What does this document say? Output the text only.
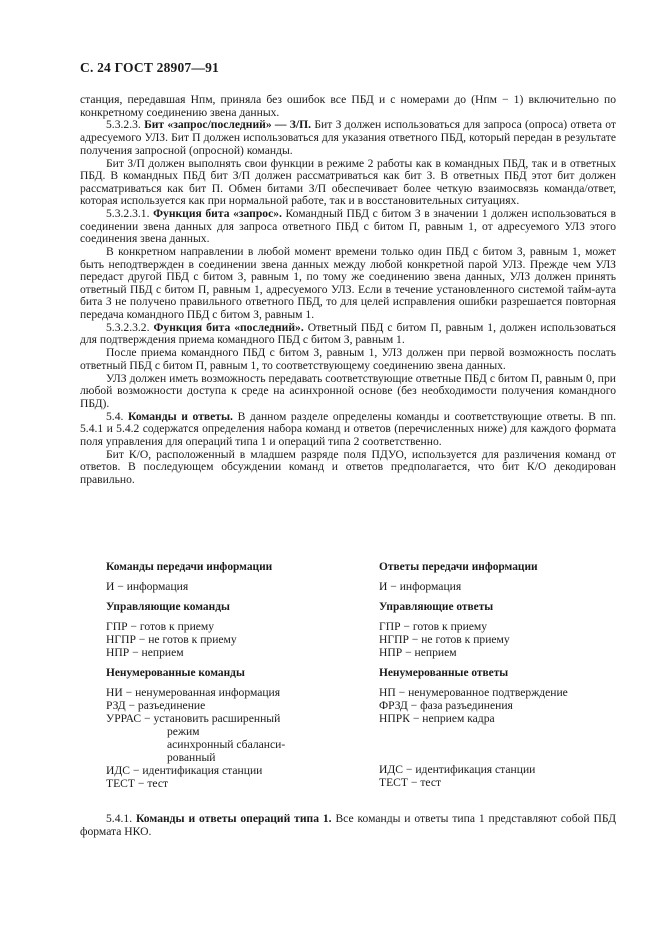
С. 24 ГОСТ 28907—91

станция, передавшая Нпм, приняла без ошибок все ПБД и с номерами до (Нпм − 1) включительно по конкретному соединению звена данных.

5.3.2.3. Бит «запрос/последний» — З/П. Бит З должен использоваться для запроса (опроса) ответа от адресуемого УЛЗ. Бит П должен использоваться для указания ответного ПБД, который передан в результате получения запросной (опросной) команды.

Бит З/П должен выполнять свои функции в режиме 2 работы как в командных ПБД, так и в ответных ПБД. В командных ПБД бит З/П должен рассматриваться как бит З. В ответных ПБД этот бит должен рассматриваться как бит П. Обмен битами З/П обеспечивает более четкую взаимосвязь команда/ответ, которая используется как при нормальной работе, так и в восстановительных ситуациях.

5.3.2.3.1. Функция бита «запрос». Командный ПБД с битом З в значении 1 должен использоваться в соединении звена данных для запроса ответного ПБД с битом П, равным 1, от адресуемого УЛЗ этого соединения звена данных.

В конкретном направлении в любой момент времени только один ПБД с битом З, равным 1, может быть неподтвержден в соединении звена данных между любой конкретной парой УЛЗ. Прежде чем УЛЗ передаст другой ПБД с битом З, равным 1, по тому же соединению звена данных, УЛЗ должен принять ответный ПБД с битом П, равным 1, адресуемого УЛЗ. Если в течение установленного системой тайм-аута бита З не получено правильного ответного ПБД, то для целей исправления ошибки разрешается повторная передача командного ПБД с битом З, равным 1.

5.3.2.3.2. Функция бита «последний». Ответный ПБД с битом П, равным 1, должен использоваться для подтверждения приема командного ПБД с битом З, равным 1.

После приема командного ПБД с битом З, равным 1, УЛЗ должен при первой возможность послать ответный ПБД с битом П, равным 1, то соответствующему соединению звена данных.

УЛЗ должен иметь возможность передавать соответствующие ответные ПБД с битом П, равным 0, при любой возможности доступа к среде на асинхронной основе (без необходимости получения командного ПБД).

5.4. Команды и ответы. В данном разделе определены команды и соответствующие ответы. В пп. 5.4.1 и 5.4.2 содержатся определения набора команд и ответов (перечисленных ниже) для каждого формата поля управления для операций типа 1 и операций типа 2 соответственно.

Бит К/О, расположенный в младшем разряде поля ПДУО, используется для различения команд от ответов. В последующем обсуждении команд и ответов предполагается, что бит К/О декодирован правильно.

Команды передачи информации
И − информация
Управляющие команды
ГПР − готов к приему
НГПР − не готов к приему
НПР − неприем
Ненумерованные команды
НИ − ненумерованная информация
РЗД − разъединение
УРРАС − установить расширенный
режим
асинхронный сбаланси-
рованный
ИДС − идентификация станции
ТЕСТ − тест
Ответы передачи информации
И − информация
Управляющие ответы
ГПР − готов к приему
НГПР − не готов к приему
НПР − неприем
Ненумерованные ответы
НП − ненумерованное подтверждение
ФРЗД − фаза разъединения
НПРК − неприем кадра
ИДС − идентификация станции
ТЕСТ − тест

5.4.1. Команды и ответы операций типа 1. Все команды и ответы типа 1 представляют собой ПБД формата НКО.
